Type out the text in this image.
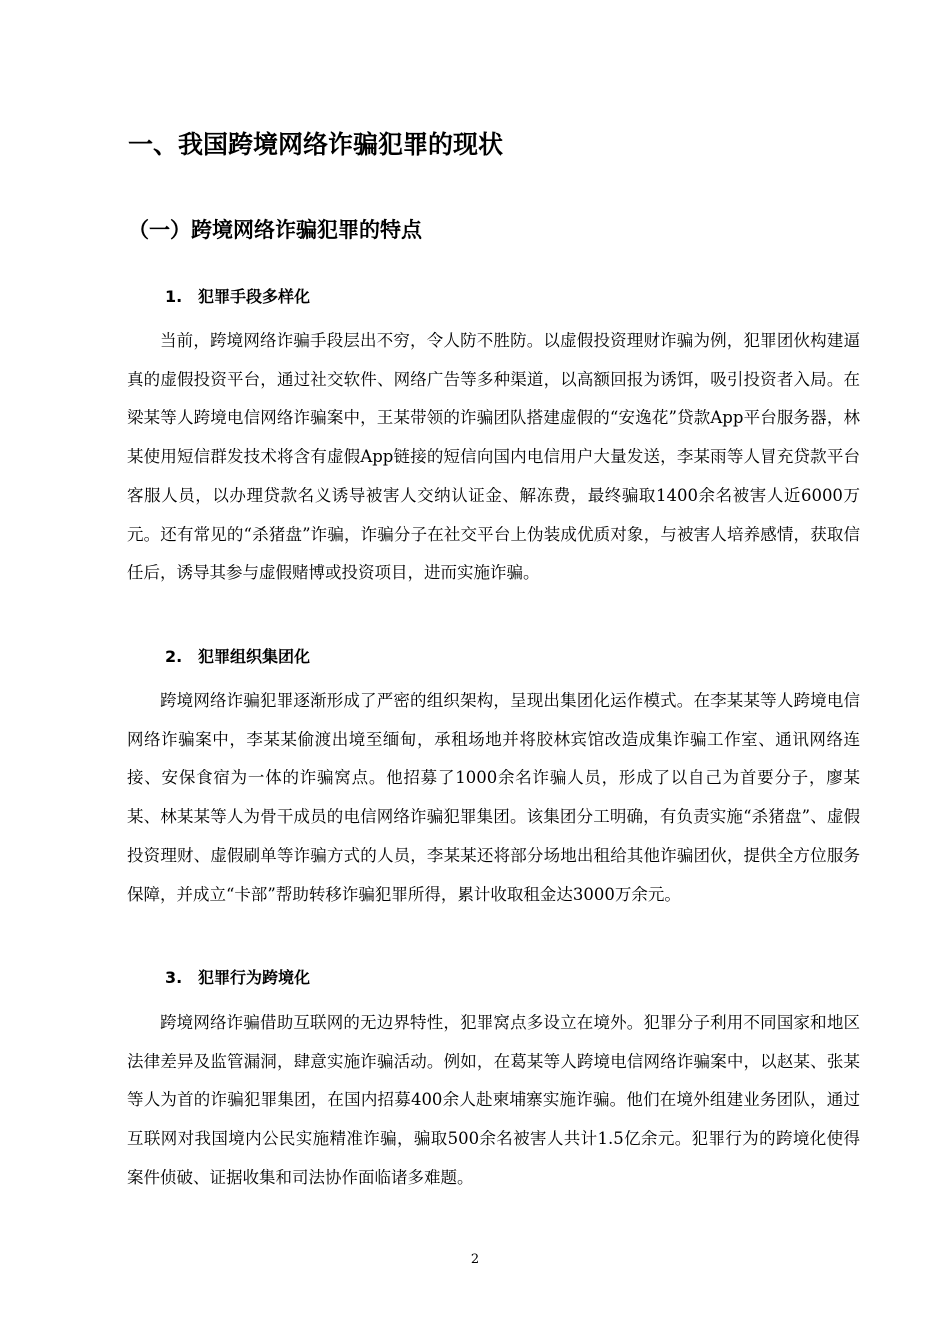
一、我国跨境网络诈骗犯罪的现状
（一）跨境网络诈骗犯罪的特点
1. 犯罪手段多样化

当前，跨境网络诈骗手段层出不穷，令人防不胜防。以虚假投资理财诈骗为例，犯罪团伙构建逼真的虚假投资平台，通过社交软件、网络广告等多种渠道，以高额回报为诱饵，吸引投资者入局。在梁某等人跨境电信网络诈骗案中，王某带领的诈骗团队搭建虚假的“安逸花”贷款App平台服务器，林某使用短信群发技术将含有虚假App链接的短信向国内电信用户大量发送，李某雨等人冒充贷款平台客服人员，以办理贷款名义诱导被害人交纳认证金、解冻费，最终骗取1400余名被害人近6000万元。还有常见的“杀猪盘”诈骗，诈骗分子在社交平台上伪装成优质对象，与被害人培养感情，获取信任后，诱导其参与虚假赌博或投资项目，进而实施诈骗。

2. 犯罪组织集团化

跨境网络诈骗犯罪逐渐形成了严密的组织架构，呈现出集团化运作模式。在李某某等人跨境电信网络诈骗案中，李某某偷渡出境至缅甸，承租场地并将胶林宾馆改造成集诈骗工作室、通讯网络连接、安保食宿为一体的诈骗窝点。他招募了1000余名诈骗人员，形成了以自己为首要分子，廖某某、林某某等人为骨干成员的电信网络诈骗犯罪集团。该集团分工明确，有负责实施“杀猪盘”、虚假投资理财、虚假刷单等诈骗方式的人员，李某某还将部分场地出租给其他诈骗团伙，提供全方位服务保障，并成立“卡部”帮助转移诈骗犯罪所得，累计收取租金达3000万余元。

3. 犯罪行为跨境化

跨境网络诈骗借助互联网的无边界特性，犯罪窝点多设立在境外。犯罪分子利用不同国家和地区法律差异及监管漏洞，肆意实施诈骗活动。例如，在葛某等人跨境电信网络诈骗案中，以赵某、张某等人为首的诈骗犯罪集团，在国内招募400余人赴柬埔寨实施诈骗。他们在境外组建业务团队，通过互联网对我国境内公民实施精准诈骗，骗取500余名被害人共计1.5亿余元。犯罪行为的跨境化使得案件侦破、证据收集和司法协作面临诸多难题。

2
